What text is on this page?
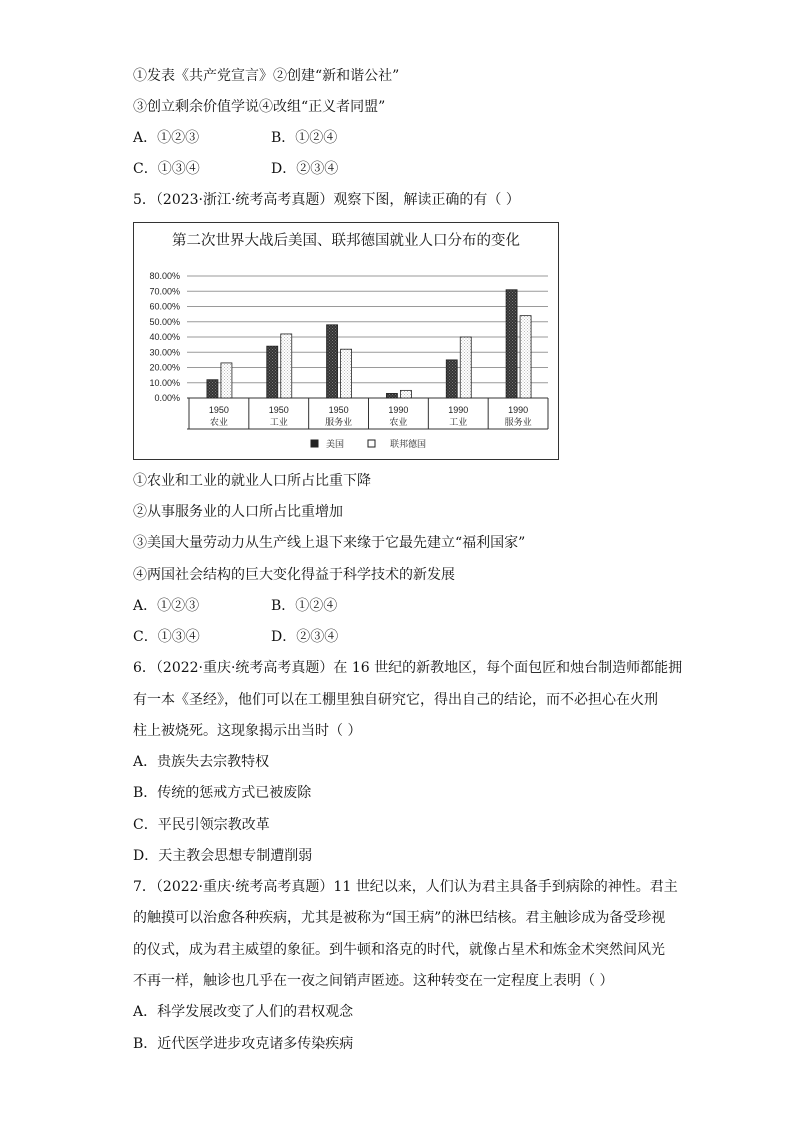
①发表《共产党宣言》②创建“新和谐公社”
③创立剩余价值学说④改组“正义者同盟”
A．①②③	B．①②④
C．①③④	D．②③④
5．（2023·浙江·统考高考真题）观察下图，解读正确的有（ ）
第二次世界大战后美国、联邦德国就业人口分布的变化
80.00%
70.00%
60.00%
50.00%
40.00%
30.00%
20.00%
10.00%
0.00%
1950
农业
1950
工业
1950
服务业
1990
农业
1990
工业
1990
服务业
美国	联邦德国
①农业和工业的就业人口所占比重下降
②从事服务业的人口所占比重增加
③美国大量劳动力从生产线上退下来缘于它最先建立“福利国家”
④两国社会结构的巨大变化得益于科学技术的新发展
A．①②③	B．①②④
C．①③④	D．②③④
6．（2022·重庆·统考高考真题）在 16 世纪的新教地区，每个面包匠和烛台制造师都能拥
有一本《圣经》，他们可以在工棚里独自研究它，得出自己的结论，而不必担心在火刑
柱上被烧死。这现象揭示出当时（ ）
A．贵族失去宗教特权
B．传统的惩戒方式已被废除
C．平民引领宗教改革
D．天主教会思想专制遭削弱
7．（2022·重庆·统考高考真题）11 世纪以来，人们认为君主具备手到病除的神性。君主
的触摸可以治愈各种疾病，尤其是被称为“国王病”的淋巴结核。君主触诊成为备受珍视
的仪式，成为君主威望的象征。到牛顿和洛克的时代，就像占星术和炼金术突然间风光
不再一样，触诊也几乎在一夜之间销声匿迹。这种转变在一定程度上表明（ ）
A．科学发展改变了人们的君权观念
B．近代医学进步攻克诸多传染疾病
